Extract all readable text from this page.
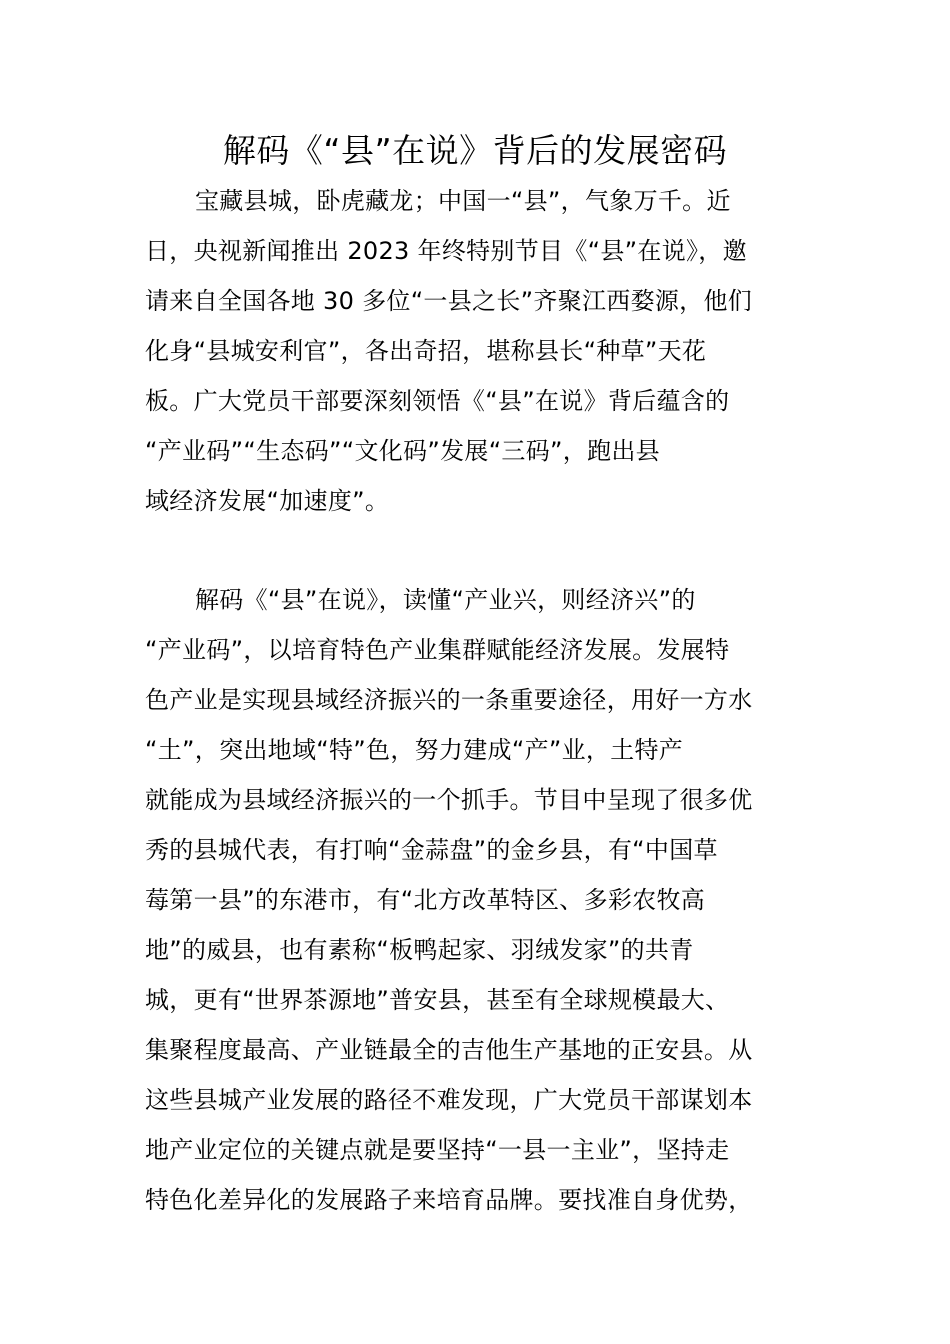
解码《“县”在说》背后的发展密码
宝藏县城，卧虎藏龙；中国一“县”，气象万千。近
日，央视新闻推出 2023 年终特别节目《“县”在说》，邀
请来自全国各地 30 多位“一县之长”齐聚江西婺源，他们
化身“县城安利官”，各出奇招，堪称县长“种草”天花
板。广大党员干部要深刻领悟《“县”在说》背后蕴含的
“产业码”“生态码”“文化码”发展“三码”，跑出县
域经济发展“加速度”。
解码《“县”在说》，读懂“产业兴，则经济兴”的
“产业码”，以培育特色产业集群赋能经济发展。发展特
色产业是实现县域经济振兴的一条重要途径，用好一方水
“土”，突出地域“特”色，努力建成“产”业，土特产
就能成为县域经济振兴的一个抓手。节目中呈现了很多优
秀的县城代表，有打响“金蒜盘”的金乡县，有“中国草
莓第一县”的东港市，有“北方改革特区、多彩农牧高
地”的威县，也有素称“板鸭起家、羽绒发家”的共青
城，更有“世界茶源地”普安县，甚至有全球规模最大、
集聚程度最高、产业链最全的吉他生产基地的正安县。从
这些县城产业发展的路径不难发现，广大党员干部谋划本
地产业定位的关键点就是要坚持“一县一主业”，坚持走
特色化差异化的发展路子来培育品牌。要找准自身优势，
